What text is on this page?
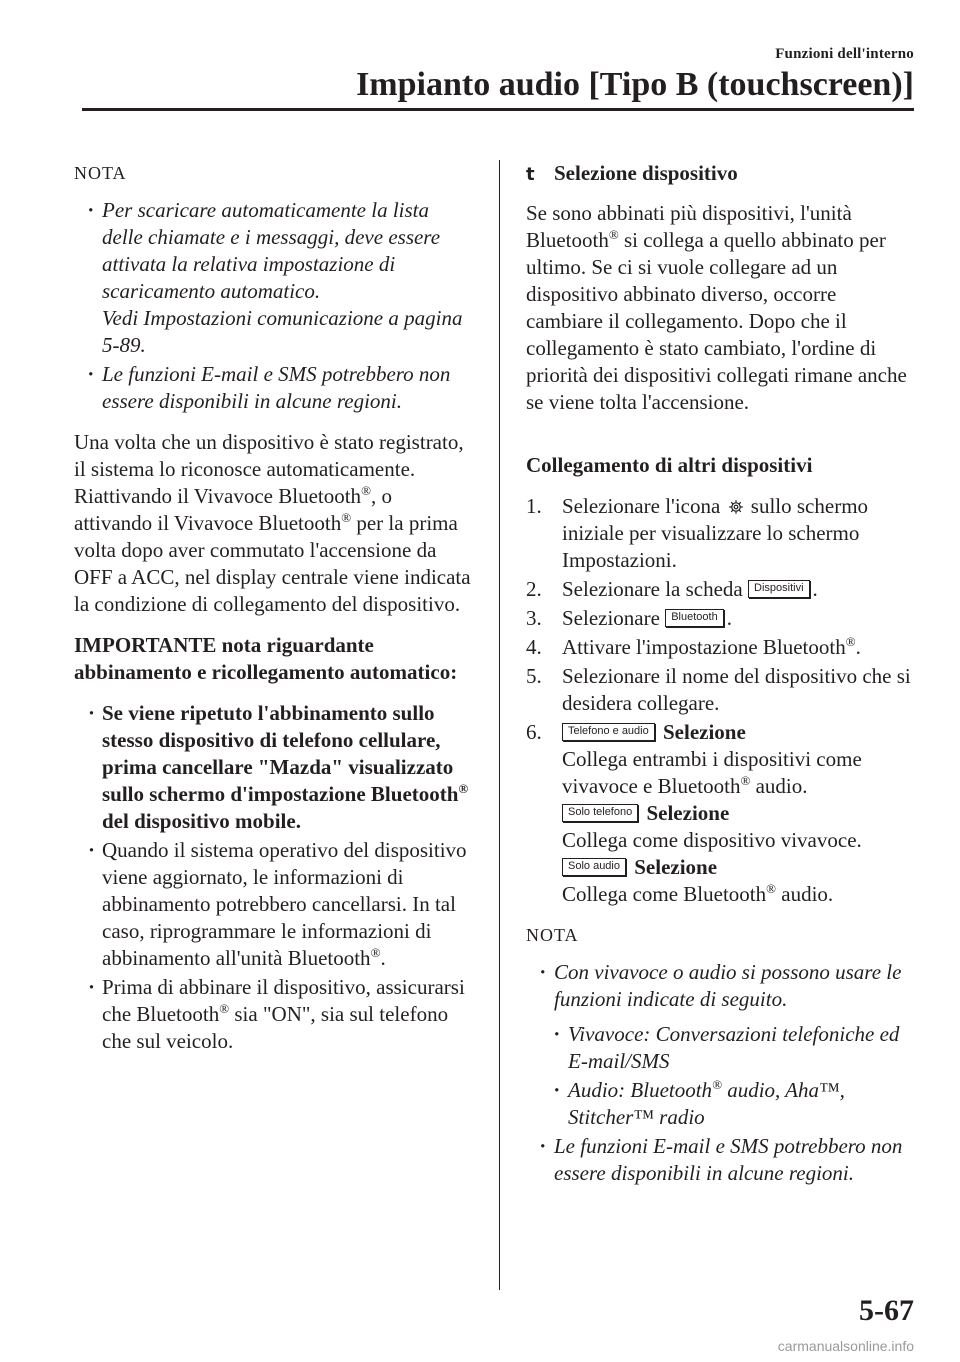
Funzioni dell'interno
Impianto audio [Tipo B (touchscreen)]
NOTA
· Per scaricare automaticamente la lista delle chiamate e i messaggi, deve essere attivata la relativa impostazione di scaricamento automatico.
Vedi Impostazioni comunicazione a pagina 5-89.
· Le funzioni E-mail e SMS potrebbero non essere disponibili in alcune regioni.

Una volta che un dispositivo è stato registrato, il sistema lo riconosce automaticamente. Riattivando il Vivavoce Bluetooth®, o attivando il Vivavoce Bluetooth® per la prima volta dopo aver commutato l'accensione da OFF a ACC, nel display centrale viene indicata la condizione di collegamento del dispositivo.

IMPORTANTE nota riguardante abbinamento e ricollegamento automatico:

· Se viene ripetuto l'abbinamento sullo stesso dispositivo di telefono cellulare, prima cancellare "Mazda" visualizzato sullo schermo d'impostazione Bluetooth® del dispositivo mobile.
· Quando il sistema operativo del dispositivo viene aggiornato, le informazioni di abbinamento potrebbero cancellarsi. In tal caso, riprogrammare le informazioni di abbinamento all'unità Bluetooth®.
· Prima di abbinare il dispositivo, assicurarsi che Bluetooth® sia "ON", sia sul telefono che sul veicolo.
t Selezione dispositivo

Se sono abbinati più dispositivi, l'unità Bluetooth® si collega a quello abbinato per ultimo. Se ci si vuole collegare ad un dispositivo abbinato diverso, occorre cambiare il collegamento. Dopo che il collegamento è stato cambiato, l'ordine di priorità dei dispositivi collegati rimane anche se viene tolta l'accensione.

Collegamento di altri dispositivi
1. Selezionare l'icona sullo schermo iniziale per visualizzare lo schermo Impostazioni.
2. Selezionare la scheda Dispositivi .
3. Selezionare Bluetooth .
4. Attivare l'impostazione Bluetooth®.
5. Selezionare il nome del dispositivo che si desidera collegare.
6. Telefono e audio Selezione
Collega entrambi i dispositivi come vivavoce e Bluetooth® audio.
Solo telefono Selezione
Collega come dispositivo vivavoce.
Solo audio Selezione
Collega come Bluetooth® audio.
NOTA
· Con vivavoce o audio si possono usare le funzioni indicate di seguito.
· Vivavoce: Conversazioni telefoniche ed E-mail/SMS
· Audio: Bluetooth® audio, Aha™, Stitcher™ radio
· Le funzioni E-mail e SMS potrebbero non essere disponibili in alcune regioni.
5-67
carmanualsonline.info
